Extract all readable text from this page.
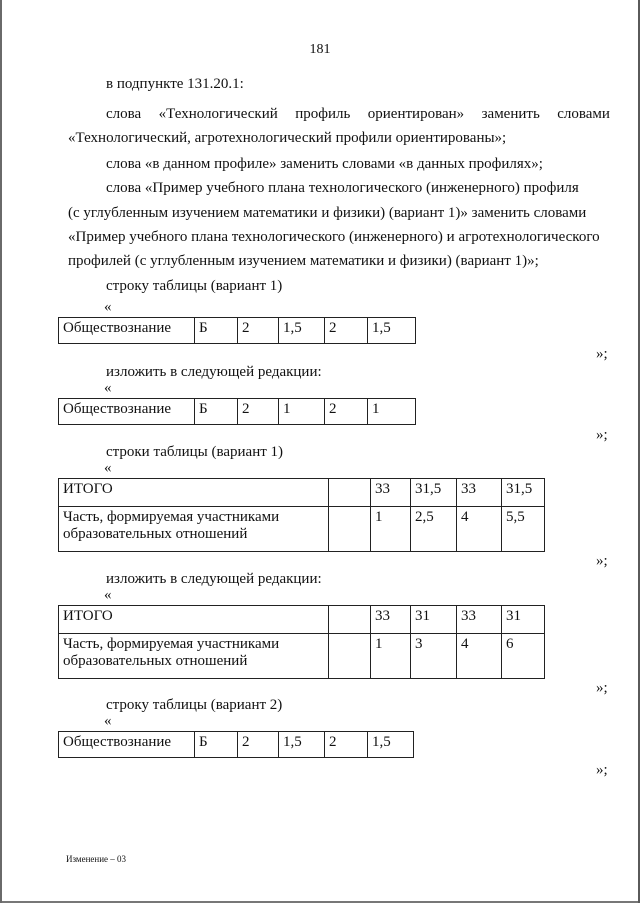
181
в подпункте 131.20.1:
слова «Технологический профиль ориентирован» заменить словами
«Технологический, агротехнологический профили ориентированы»;
слова «в данном профиле» заменить словами «в данных профилях»;
слова «Пример учебного плана технологического (инженерного) профиля
(с углубленным изучением математики и физики) (вариант 1)» заменить словами
«Пример учебного плана технологического (инженерного) и агротехнологического
профилей (с углубленным изучением математики и физики) (вариант 1)»;
строку таблицы (вариант 1)
«
Обществознание	Б	2	1,5	2	1,5
»;
изложить в следующей редакции:
«
Обществознание	Б	2	1	2	1
»;
строки таблицы (вариант 1)
«
ИТОГО		33	31,5	33	31,5
Часть, формируемая участниками
образовательных отношений		1	2,5	4	5,5
»;
изложить в следующей редакции:
«
ИТОГО		33	31	33	31
Часть, формируемая участниками
образовательных отношений		1	3	4	6
»;
строку таблицы (вариант 2)
«
Обществознание	Б	2	1,5	2	1,5
»;
Изменение – 03
